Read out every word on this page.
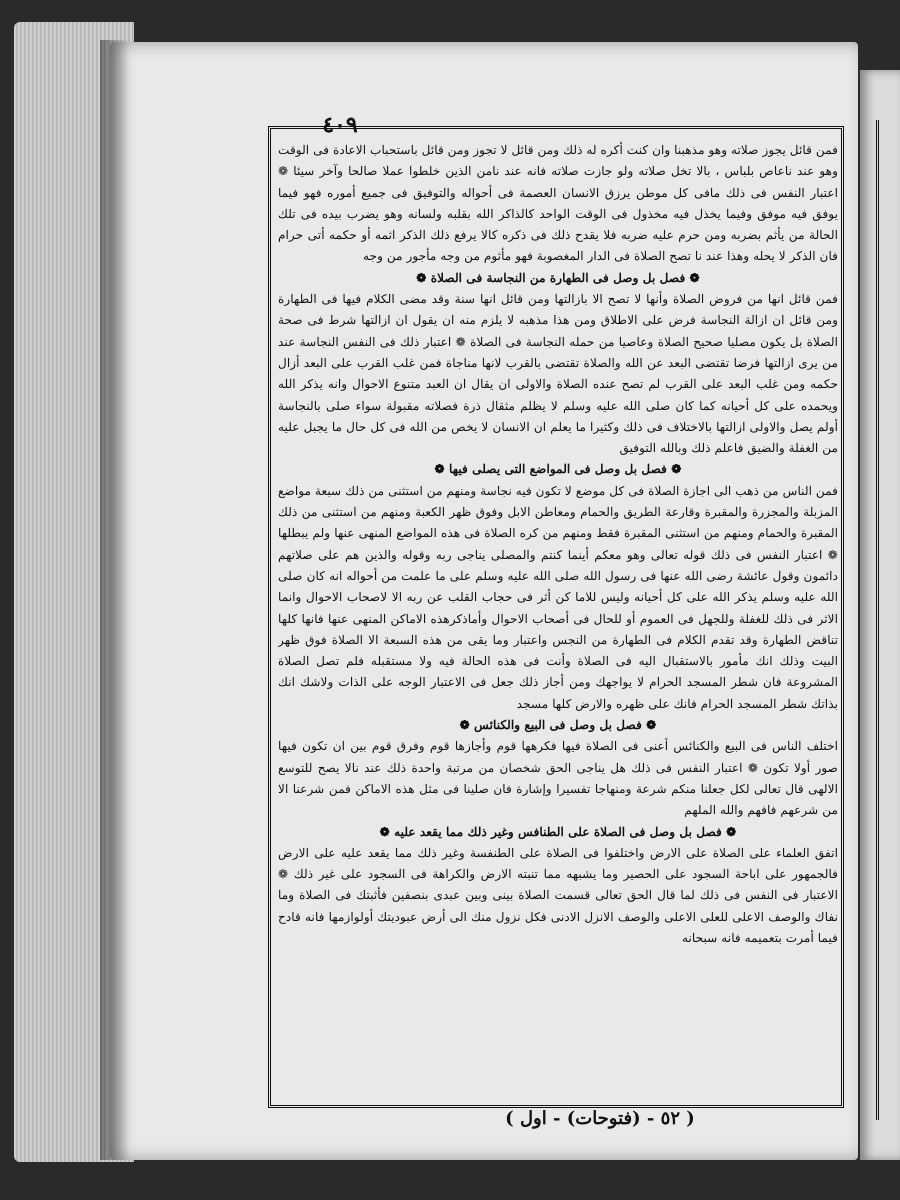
٤٠٩

فمن قائل يجوز صلاته وهو مذهبنا وان كنت أكره له ذلك ومن قائل لا تجوز ومن قائل باستحباب الاعادة فى الوقت وهو عند ناعاص بلباس ، بالا تخل صلاته ولو جازت صلاته فانه عند نامن الذين خلطوا عملا صالحا وآخر سيئا ❁ اعتبار النفس فى ذلك مافى كل موطن يرزق الانسان العصمة فى أحواله والتوفيق فى جميع أموره فهو فيما يوفق فيه موفق وفيما يخذل فيه مخذول فى الوقت الواحد كالذاكر الله بقلبه ولسانه وهو يضرب بيده فى تلك الحالة من يأثم بضربه ومن حرم عليه ضربه فلا يقدح ذلك فى ذكره كالا يرفع ذلك الذكر اثمه أو حكمه أتى حرام فان الذكر لا يحله وهذا عند نا تصح الصلاة فى الدار المغصوبة فهو مأثوم من وجه مأجور من وجه

❁ فصل بل وصل فى الطهارة من النجاسة فى الصلاة ❁

فمن قائل انها من فروض الصلاة وأنها لا تصح الا بازالتها ومن قائل انها سنة وقد مضى الكلام فيها فى الطهارة ومن قائل ان ازالة النجاسة فرض على الاطلاق ومن هذا مذهبه لا يلزم منه ان يقول ان ازالتها شرط فى صحة الصلاة بل يكون مصليا صحيح الصلاة وعاصيا من حمله النجاسة فى الصلاة ❁ اعتبار ذلك فى النفس النجاسة عند من يرى ازالتها فرضا تقتضى البعد عن الله والصلاة تقتضى بالقرب لانها مناجاة فمن غلب القرب على البعد أزال حكمه ومن غلب البعد على القرب لم تصح عنده الصلاة والاولى ان يقال ان العبد متنوع الاحوال وانه يذكر الله ويحمده على كل أحيانه كما كان صلى الله عليه وسلم لا يظلم مثقال ذرة فصلاته مقبولة سواء صلى بالنجاسة أولم يصل والاولى ازالتها بالاختلاف فى ذلك وكثيرا ما يعلم ان الانسان لا يخص من الله فى كل حال ما يجبل عليه من الغفلة والضيق فاعلم ذلك وبالله التوفيق

❁ فصل بل وصل فى المواضع التى يصلى فيها ❁

فمن الناس من ذهب الى اجازة الصلاة فى كل موضع لا تكون فيه نجاسة ومنهم من استثنى من ذلك سبعة مواضع المزبلة والمجزرة والمقبرة وقارعة الطريق والحمام ومعاطن الابل وفوق ظهر الكعبة ومنهم من استثنى من ذلك المقبرة والحمام ومنهم من استثنى المقبرة فقط ومنهم من كره الصلاة فى هذه المواضع المنهى عنها ولم يبطلها ❁ اعتبار النفس فى ذلك قوله تعالى وهو معكم أينما كنتم والمصلى يناجى ربه وقوله والذين هم على صلاتهم دائمون وقول عائشة رضى الله عنها فى رسول الله صلى الله عليه وسلم على ما علمت من أحواله انه كان صلى الله عليه وسلم يذكر الله على كل أحيانه وليس للاما كن أثر فى حجاب القلب عن ربه الا لاصحاب الاحوال وانما الاثر فى ذلك للغفلة وللجهل فى العموم أو للحال فى أصحاب الاحوال وأماذكرهذه الاماكن المنهى عنها فانها كلها تناقض الطهارة وقد تقدم الكلام فى الطهارة من النجس واعتبار وما يقى من هذه السبعة الا الصلاة فوق ظهر البيت وذلك انك مأمور بالاستقبال اليه فى الصلاة وأنت فى هذه الحالة فيه ولا مستقبله فلم تصل الصلاة المشروعة فان شطر المسجد الحرام لا يواجهك ومن أجاز ذلك جعل فى الاعتبار الوجه على الذات ولاشك انك بذاتك شطر المسجد الحرام فانك على ظهره والارض كلها مسجد

❁ فصل بل وصل فى البيع والكنائس ❁

اختلف الناس فى البيع والكنائس أعنى فى الصلاة فيها فكرهها قوم وأجازها قوم وفرق قوم بين ان تكون فيها صور أولا تكون ❁ اعتبار النفس فى ذلك هل يناجى الحق شخصان من مرتبة واحدة ذلك عند نالا يصح للتوسع الالهى قال تعالى لكل جعلنا منكم شرعة ومنهاجا تفسيرا وإشارة فان صلينا فى مثل هذه الاماكن فمن شرعنا الا من شرعهم فافهم والله الملهم

❁ فصل بل وصل فى الصلاة على الطنافس وغير ذلك مما يقعد عليه ❁

اتفق العلماء على الصلاة على الارض واختلفوا فى الصلاة على الطنفسة وغير ذلك مما يقعد عليه على الارض فالجمهور على اباحة السجود على الحصير وما يشبهه مما تنبته الارض والكراهة فى السجود على غير ذلك ❁ الاعتبار فى النفس فى ذلك لما قال الحق تعالى قسمت الصلاة بينى وبين عبدى بنصفين فأثبتك فى الصلاة وما نفاك والوصف الاعلى للعلى الاعلى والوصف الانزل الادنى فكل نزول منك الى أرض عبوديتك أولوازمها فانه قادح فيما أمرت بتعميمه فانه سبحانه

( ٥٢ - (فتوحات) - اول )
